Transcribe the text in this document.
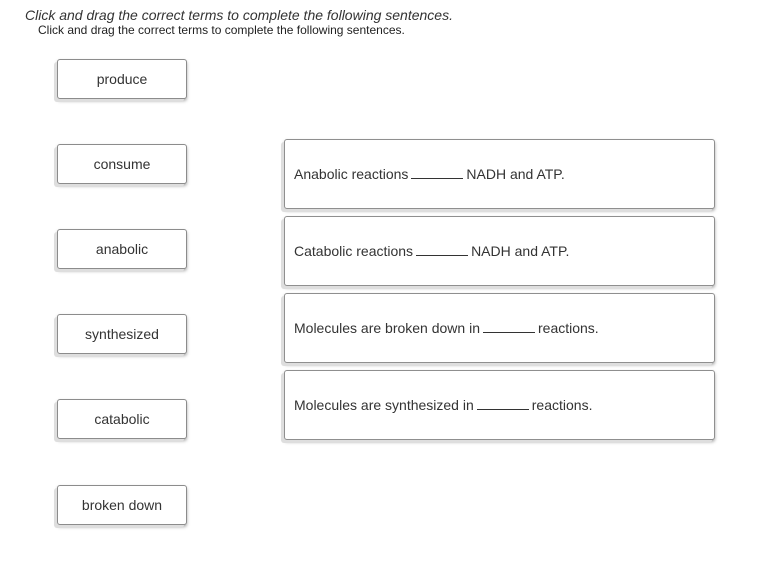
Click and drag the correct terms to complete the following sentences.
Click and drag the correct terms to complete the following sentences.
produce
consume
anabolic
synthesized
catabolic
broken down
Anabolic reactions	NADH and ATP.
Catabolic reactions	NADH and ATP.
Molecules are broken down in	reactions.
Molecules are synthesized in	reactions.
